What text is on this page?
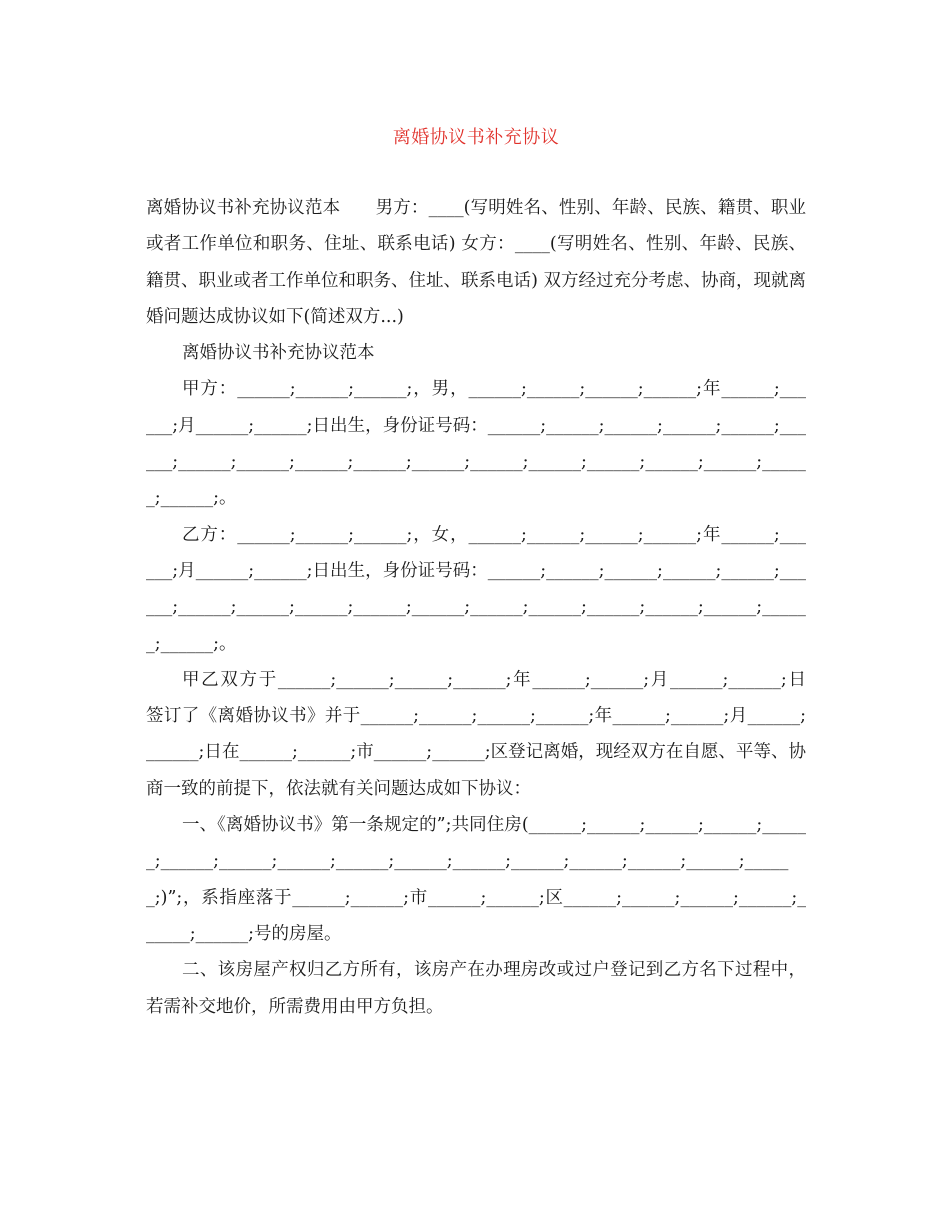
离婚协议书补充协议

离婚协议书补充协议范本　　男方：____(写明姓名、性别、年龄、民族、籍贯、职业或者工作单位和职务、住址、联系电话) 女方：____(写明姓名、性别、年龄、民族、籍贯、职业或者工作单位和职务、住址、联系电话) 双方经过充分考虑、协商，现就离婚问题达成协议如下(简述双方...)

离婚协议书补充协议范本

甲方：______;______;______;，男，______;______;______;______;年______;______;月______;______;日出生，身份证号码：______;______;______;______;______;______;______;______;______;______;______;______;______;______;______;______;______;______;。

乙方：______;______;______;，女，______;______;______;______;年______;______;月______;______;日出生，身份证号码：______;______;______;______;______;______;______;______;______;______;______;______;______;______;______;______;______;______;。

甲乙双方于______;______;______;______;年______;______;月______;______;日签订了《离婚协议书》并于______;______;______;______;年______;______;月______;______;日在______;______;市______;______;区登记离婚，现经双方在自愿、平等、协商一致的前提下，依法就有关问题达成如下协议：

一、《离婚协议书》第一条规定的”;共同住房(______;______;______;______;______;______;______;______;______;______;______;______;______;______;______;______;)”;，系指座落于______;______;市______;______;区______;______;______;______;______;______;号的房屋。

二、该房屋产权归乙方所有，该房产在办理房改或过户登记到乙方名下过程中，若需补交地价，所需费用由甲方负担。
